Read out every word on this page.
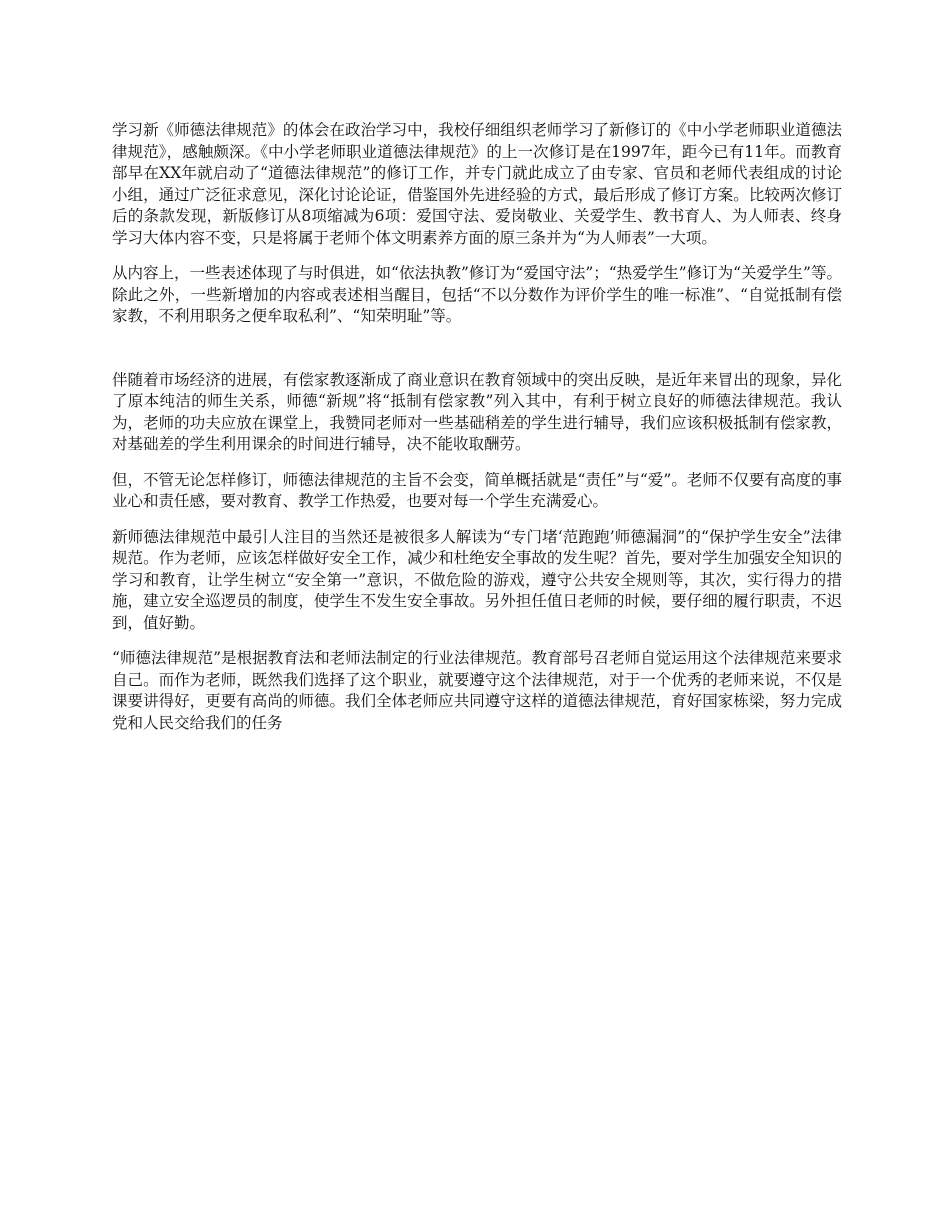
学习新《师德法律规范》的体会在政治学习中，我校仔细组织老师学习了新修订的《中小学老师职业道德法律规范》，感触颇深。《中小学老师职业道德法律规范》的上一次修订是在1997年，距今已有11年。而教育部早在XX年就启动了“道德法律规范”的修订工作，并专门就此成立了由专家、官员和老师代表组成的讨论小组，通过广泛征求意见，深化讨论论证，借鉴国外先进经验的方式，最后形成了修订方案。比较两次修订后的条款发现，新版修订从8项缩减为6项：爱国守法、爱岗敬业、关爱学生、教书育人、为人师表、终身学习大体内容不变，只是将属于老师个体文明素养方面的原三条并为“为人师表”一大项。

从内容上，一些表述体现了与时俱进，如“依法执教”修订为“爱国守法”；“热爱学生”修订为“关爱学生”等。除此之外，一些新增加的内容或表述相当醒目，包括“不以分数作为评价学生的唯一标准”、“自觉抵制有偿家教，不利用职务之便牟取私利”、“知荣明耻”等。

伴随着市场经济的进展，有偿家教逐渐成了商业意识在教育领域中的突出反映，是近年来冒出的现象，异化了原本纯洁的师生关系，师德“新规”将“抵制有偿家教”列入其中，有利于树立良好的师德法律规范。我认为，老师的功夫应放在课堂上，我赞同老师对一些基础稍差的学生进行辅导，我们应该积极抵制有偿家教，对基础差的学生利用课余的时间进行辅导，决不能收取酬劳。

但，不管无论怎样修订，师德法律规范的主旨不会变，简单概括就是“责任”与“爱”。老师不仅要有高度的事业心和责任感，要对教育、教学工作热爱，也要对每一个学生充满爱心。

新师德法律规范中最引人注目的当然还是被很多人解读为“专门堵‘范跑跑’师德漏洞”的“保护学生安全”法律规范。作为老师，应该怎样做好安全工作，减少和杜绝安全事故的发生呢？首先，要对学生加强安全知识的学习和教育，让学生树立“安全第一”意识，不做危险的游戏，遵守公共安全规则等，其次，实行得力的措施，建立安全巡逻员的制度，使学生不发生安全事故。另外担任值日老师的时候，要仔细的履行职责，不迟到，值好勤。

“师德法律规范”是根据教育法和老师法制定的行业法律规范。教育部号召老师自觉运用这个法律规范来要求自己。而作为老师，既然我们选择了这个职业，就要遵守这个法律规范，对于一个优秀的老师来说，不仅是课要讲得好，更要有高尚的师德。我们全体老师应共同遵守这样的道德法律规范，育好国家栋梁，努力完成党和人民交给我们的任务
